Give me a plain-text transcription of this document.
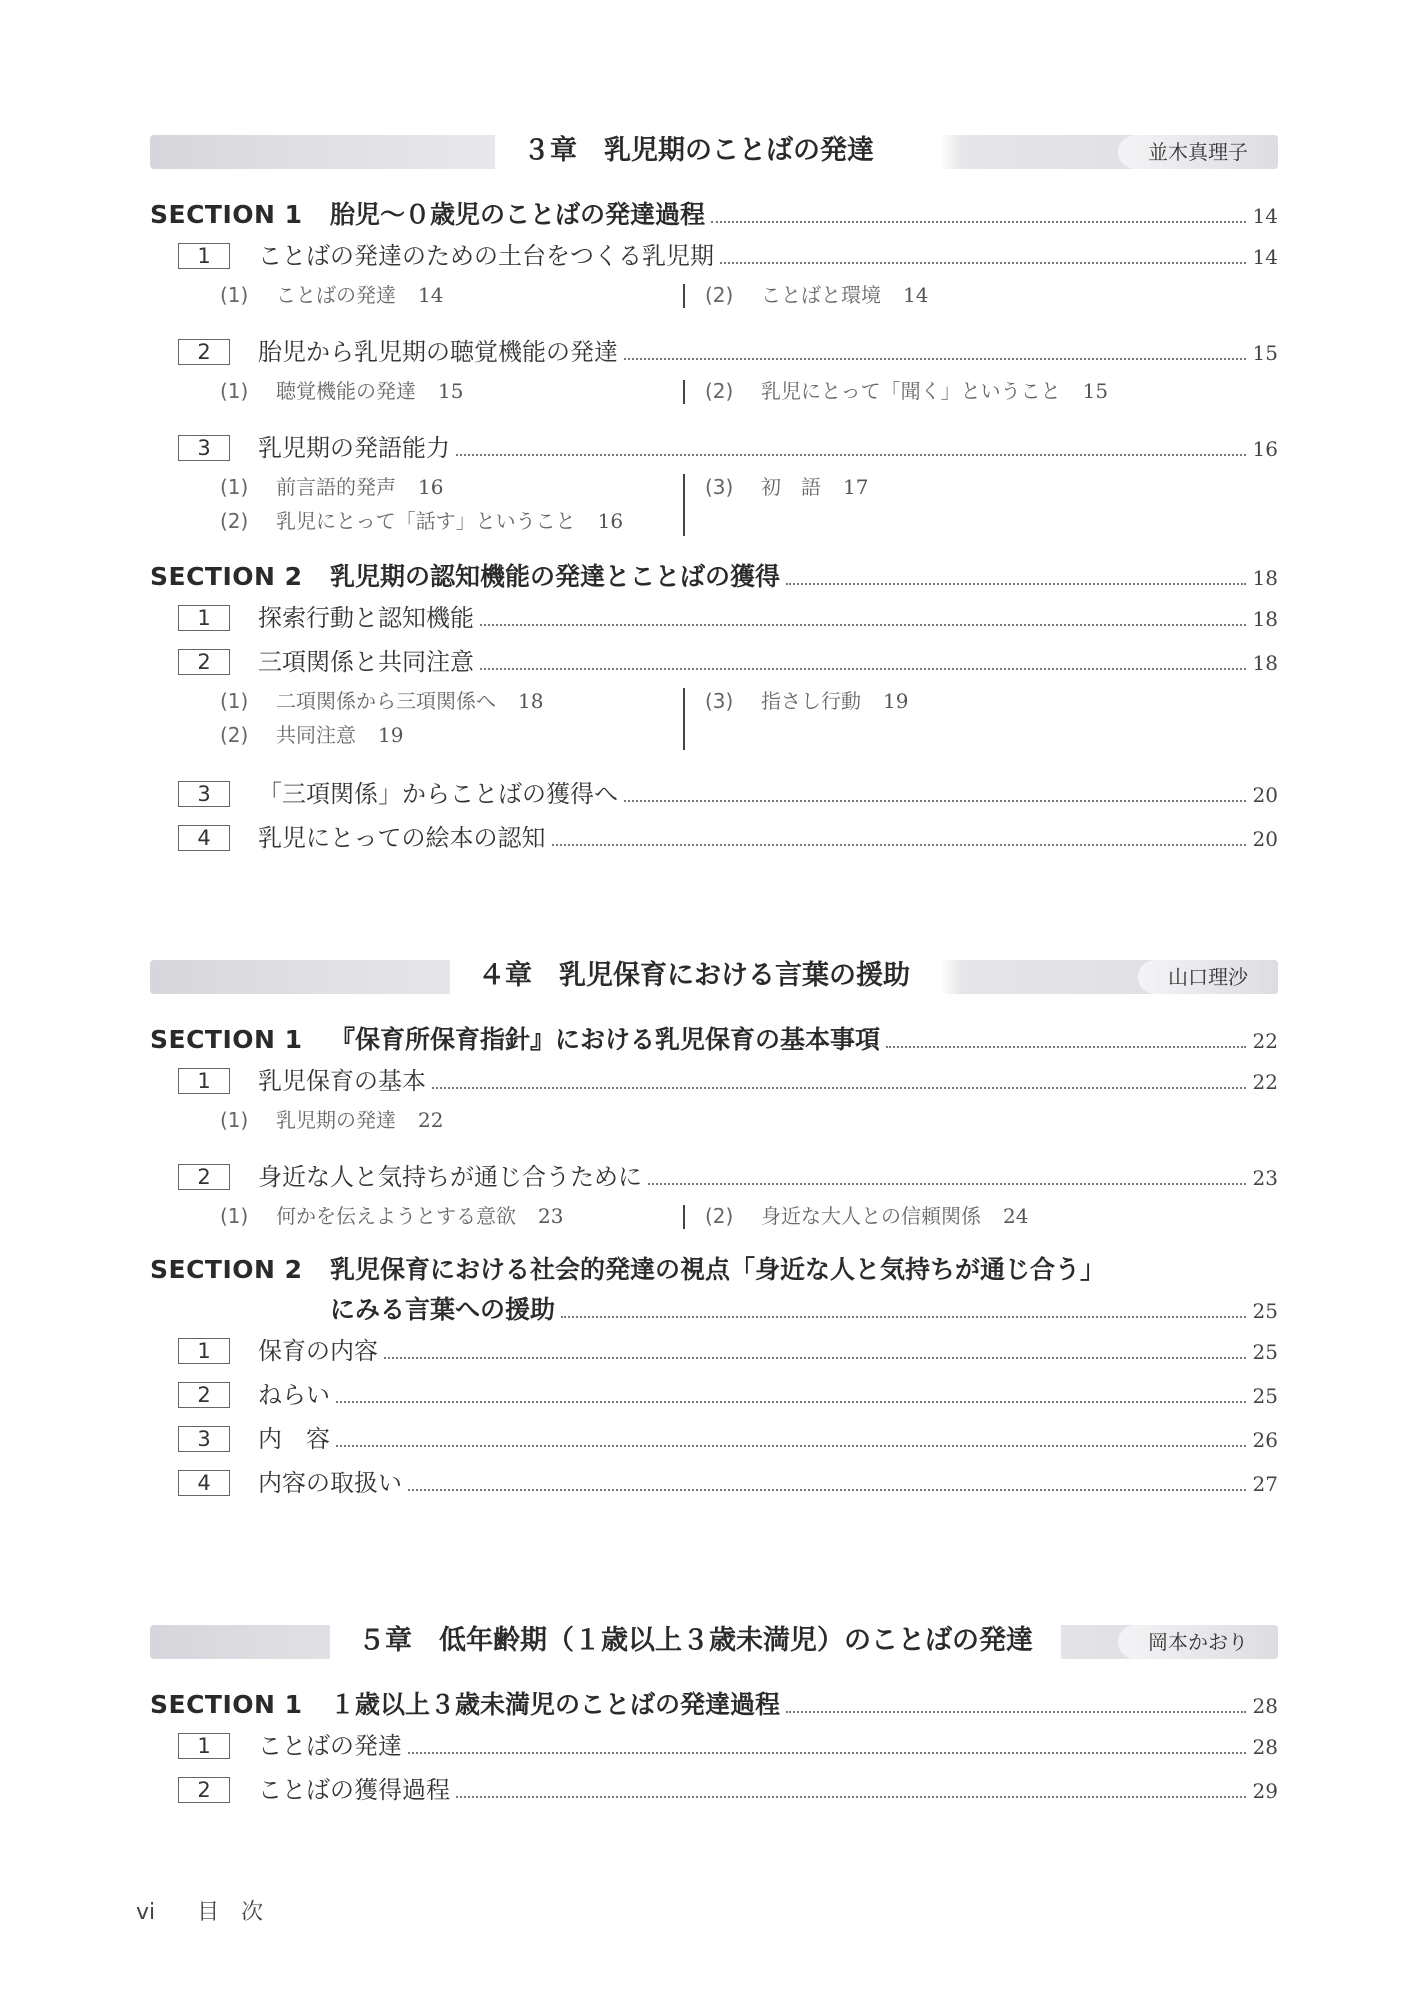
３章　乳児期のことばの発達	並木真理子
SECTION 1	胎児～０歳児のことばの発達過程	14
1	ことばの発達のための土台をつくる乳児期	14
(1) ことばの発達 14	(2) ことばと環境 14
2	胎児から乳児期の聴覚機能の発達	15
(1) 聴覚機能の発達 15	(2) 乳児にとって「聞く」ということ 15
3	乳児期の発語能力	16
(1) 前言語的発声 16
(2) 乳児にとって「話す」ということ 16
(3) 初　語 17
SECTION 2	乳児期の認知機能の発達とことばの獲得	18
1	探索行動と認知機能	18
2	三項関係と共同注意	18
(1) 二項関係から三項関係へ 18
(2) 共同注意 19
(3) 指さし行動 19
3	「三項関係」からことばの獲得へ	20
4	乳児にとっての絵本の認知	20
４章　乳児保育における言葉の援助	山口理沙
SECTION 1	『保育所保育指針』における乳児保育の基本事項	22
1	乳児保育の基本	22
(1) 乳児期の発達 22
2	身近な人と気持ちが通じ合うために	23
(1) 何かを伝えようとする意欲 23	(2) 身近な大人との信頼関係 24
SECTION 2	乳児保育における社会的発達の視点「身近な人と気持ちが通じ合う」
にみる言葉への援助	25
1	保育の内容	25
2	ねらい	25
3	内　容	26
4	内容の取扱い	27
５章　低年齢期（１歳以上３歳未満児）のことばの発達	岡本かおり
SECTION 1	１歳以上３歳未満児のことばの発達過程	28
1	ことばの発達	28
2	ことばの獲得過程	29
vi 目　次
